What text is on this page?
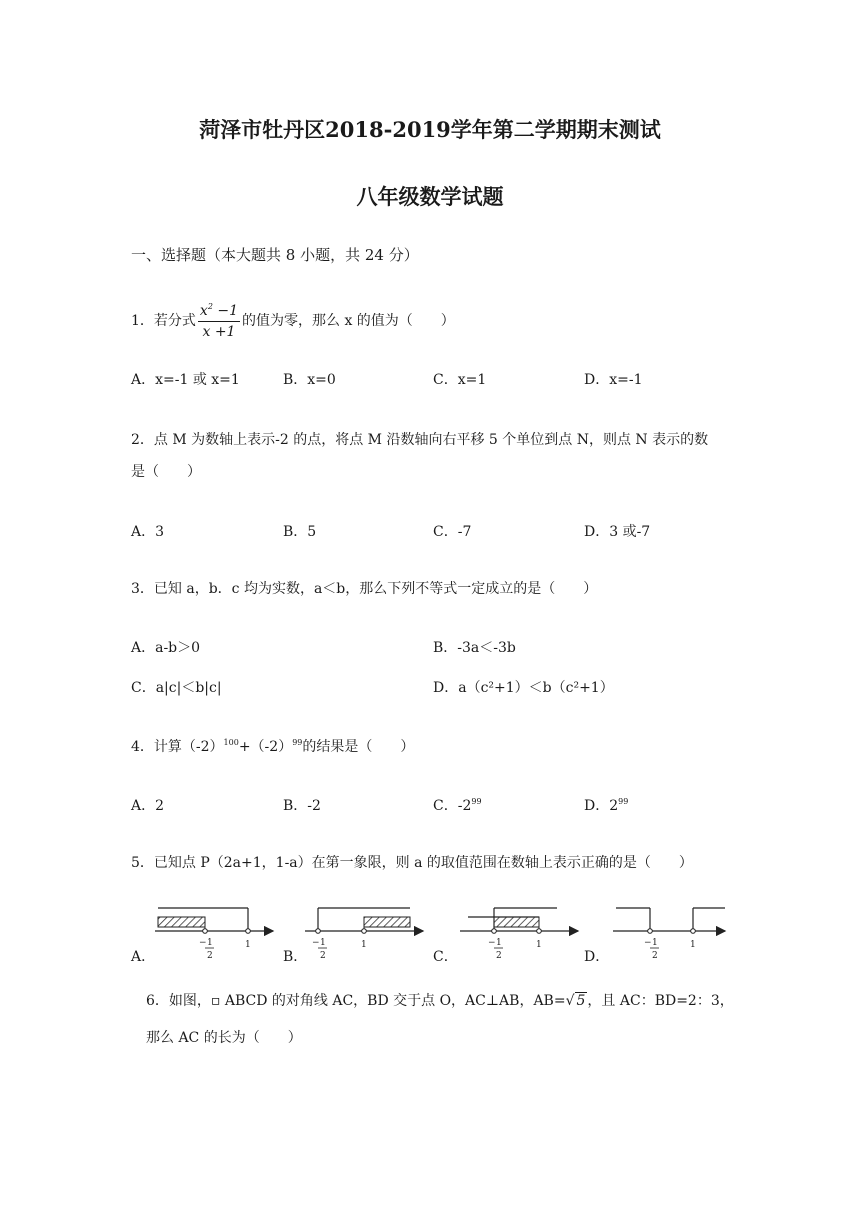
菏泽市牡丹区2018-2019学年第二学期期末测试
八年级数学试题
一、选择题（本大题共 8 小题，共 24 分）
1．若分式 $\frac{x^2 -1}{x +1}$ 的值为零，那么 x 的值为（　　）
A．x=-1 或 x=1	B．x=0	C．x=1	D．x=-1
2．点 M 为数轴上表示-2 的点，将点 M 沿数轴向右平移 5 个单位到点 N，则点 N 表示的数
是（　　）
A．3	B．5	C．-7	D．3 或-7
3．已知 a，b．c 均为实数，a＜b，那么下列不等式一定成立的是（　　）
A．a-b＞0	B．-3a＜-3b
C．a|c|＜b|c|	D．a（c²+1）＜b（c²+1）
4．计算$(-2)^{100}+(-2)^{99}$的结果是（　　）
A．2	B．-2	C．$-2^{99}$	D．$2^{99}$
5．已知点 P（2a+1，1-a）在第一象限，则 a 的取值范围在数轴上表示正确的是（　　）
− 1
2
1	− 1
2
1	− 1
2
1	− 1
2
1
A．	B．	C．	D．
6．如图，▫ ABCD 的对角线 AC，BD 交于点 O，AC⊥AB，AB=√ 5 ，且 AC：BD=2：3，
那么 AC 的长为（　　）
